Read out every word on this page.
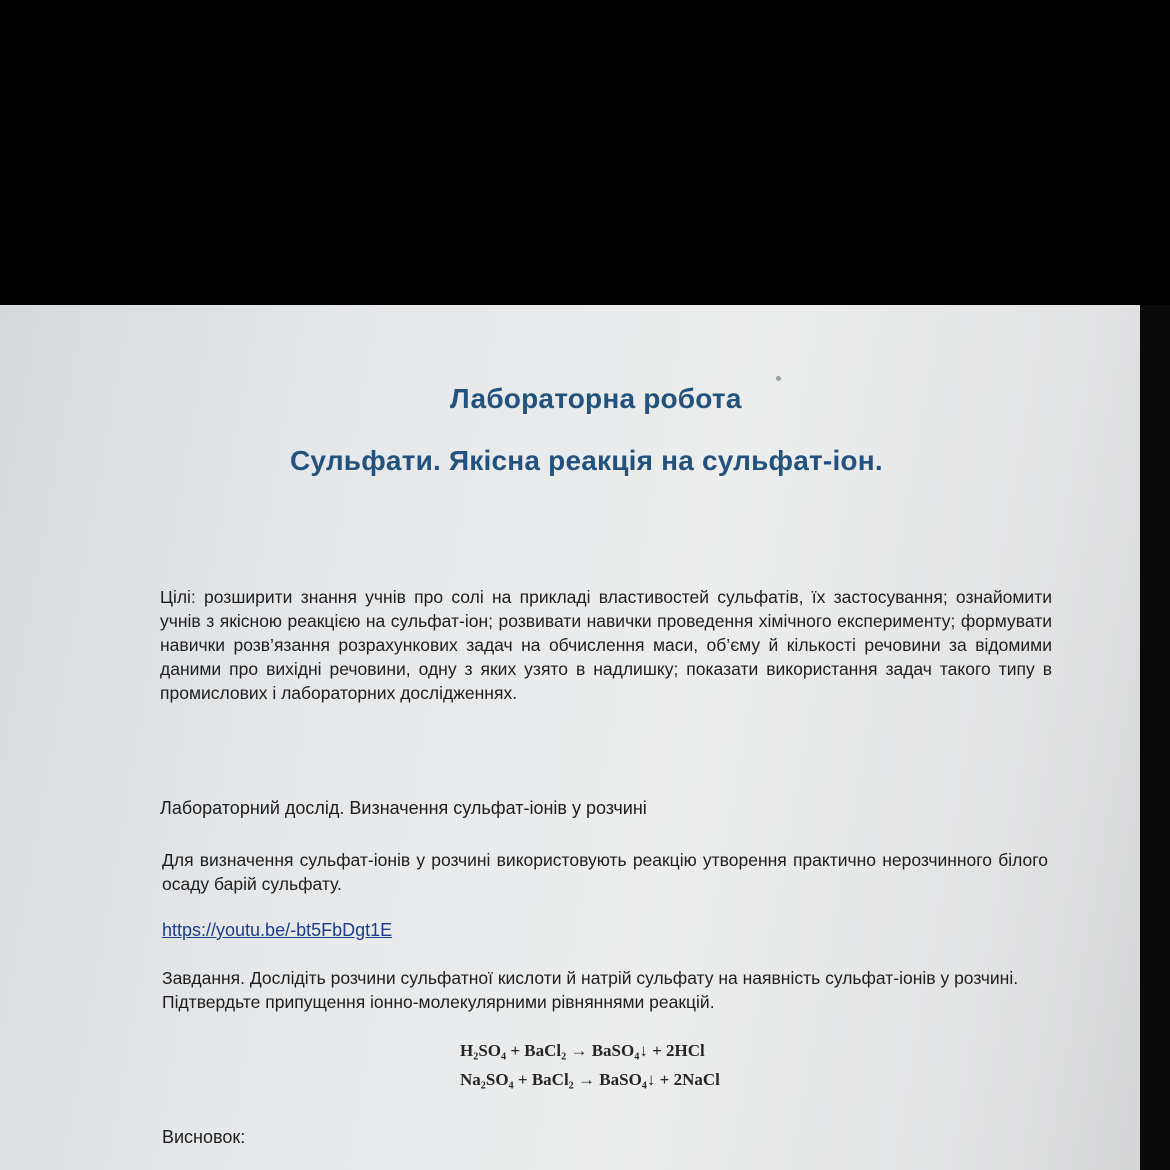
Лабораторна робота
Сульфати. Якісна реакція на сульфат-іон.
Цілі: розширити знання учнів про солі на прикладі властивостей сульфатів, їх застосування; ознайомити учнів з якісною реакцією на сульфат-іон; розвивати навички проведення хімічного експерименту; формувати навички розв’язання розрахункових задач на обчислення маси, об’єму й кількості речовини за відомими даними про вихідні речовини, одну з яких узято в надлишку; показати використання задач такого типу в промислових і лабораторних дослідженнях.
Лабораторний дослід. Визначення сульфат-іонів у розчині
Для визначення сульфат-іонів у розчині використовують реакцію утворення практично нерозчинного білого осаду барій сульфату.
https://youtu.be/-bt5FbDgt1E
Завдання. Дослідіть розчини сульфатної кислоти й натрій сульфату на наявність сульфат-іонів у розчині. Підтвердьте припущення іонно-молекулярними рівняннями реакцій.
H₂SO₄ + BaCl₂ → BaSO₄↓ + 2HCl
Na₂SO₄ + BaCl₂ → BaSO₄↓ + 2NaCl
Висновок:
